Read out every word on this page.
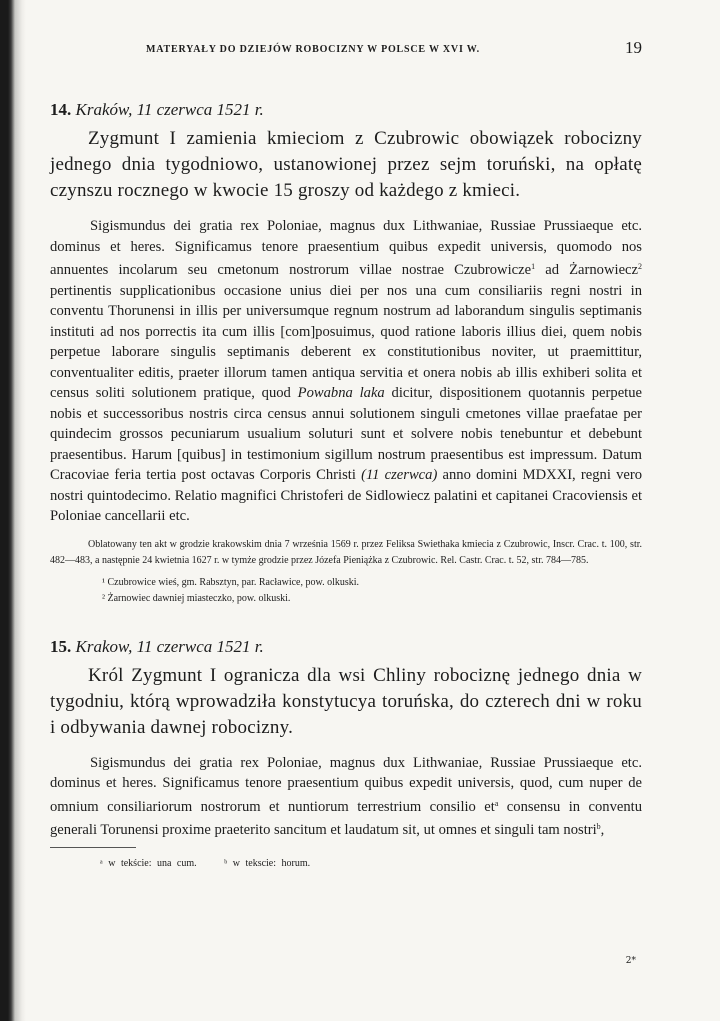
MATERYAŁY DO DZIEJÓW ROBOCIZNY W POLSCE W XVI W.	19
14. Kraków, 11 czerwca 1521 r.

Zygmunt I zamienia kmieciom z Czubrowic obowiązek robocizny jednego dnia tygodniowo, ustanowionej przez sejm toruński, na opłatę czynszu rocznego w kwocie 15 groszy od każdego z kmieci.

Sigismundus dei gratia rex Poloniae, magnus dux Lithwaniae, Russiae Prussiaeque etc. dominus et heres. Significamus tenore praesentium quibus expedit universis, quomodo nos annuentes incolarum seu cmetonum nostrorum villae nostrae Czubrowicze$^1$ ad Żarnowiecz$^2$ pertinentis supplicationibus occasione unius diei per nos una cum consiliariis regni nostri in conventu Thorunensi in illis per universumque regnum nostrum ad laborandum singulis septimanis instituti ad nos porrectis ita cum illis [com]posuimus, quod ratione laboris illius diei, quem nobis perpetue laborare singulis septimanis deberent ex constitutionibus noviter, ut praemittitur, conventualiter editis, praeter illorum tamen antiqua servitia et onera nobis ab illis exhiberi solita et census soliti solutionem pratique, quod Powabna laka dicitur, dispositionem quotannis perpetue nobis et successoribus nostris circa census annui solutionem singuli cmetones villae praefatae per quindecim grossos pecuniarum usualium soluturi sunt et solvere nobis tenebuntur et debebunt praesentibus. Harum [quibus] in testimonium sigillum nostrum praesentibus est impressum. Datum Cracoviae feria tertia post octavas Corporis Christi (11 czerwca) anno domini MDXXI, regni vero nostri quintodecimo. Relatio magnifici Christoferi de Sidlowiecz palatini et capitanei Cracoviensis et Poloniae cancellarii etc.

Oblatowany ten akt w grodzie krakowskim dnia 7 września 1569 r. przez Feliksa Swiethaka kmiecia z Czubrowic, Inscr. Crac. t. 100, str. 482—483, a następnie 24 kwietnia 1627 r. w tymże grodzie przez Józefa Pieniążka z Czubrowic. Rel. Castr. Crac. t. 52, str. 784—785.

¹ Czubrowice wieś, gm. Rabsztyn, par. Racławice, pow. olkuski.

² Żarnowiec dawniej miasteczko, pow. olkuski.

15. Krakow, 11 czerwca 1521 r.

Król Zygmunt I ogranicza dla wsi Chliny robociznę jednego dnia w tygodniu, którą wprowadziła konstytucya toruńska, do czterech dni w roku i odbywania dawnej robocizny.

Sigismundus dei gratia rex Poloniae, magnus dux Lithwaniae, Russiae Prussiaeque etc. dominus et heres. Significamus tenore praesentium quibus expedit universis, quod, cum nuper de omnium consiliariorum nostrorum et nuntiorum terrestrium consilio $et^a$ consensu in conventu generali Torunensi proxime praeterito sancitum et laudatum sit, ut omnes et singuli tam nostri$^b$,

ᵃ w tekście: una cum.	ᵇ w tekscie: horum.
2*
